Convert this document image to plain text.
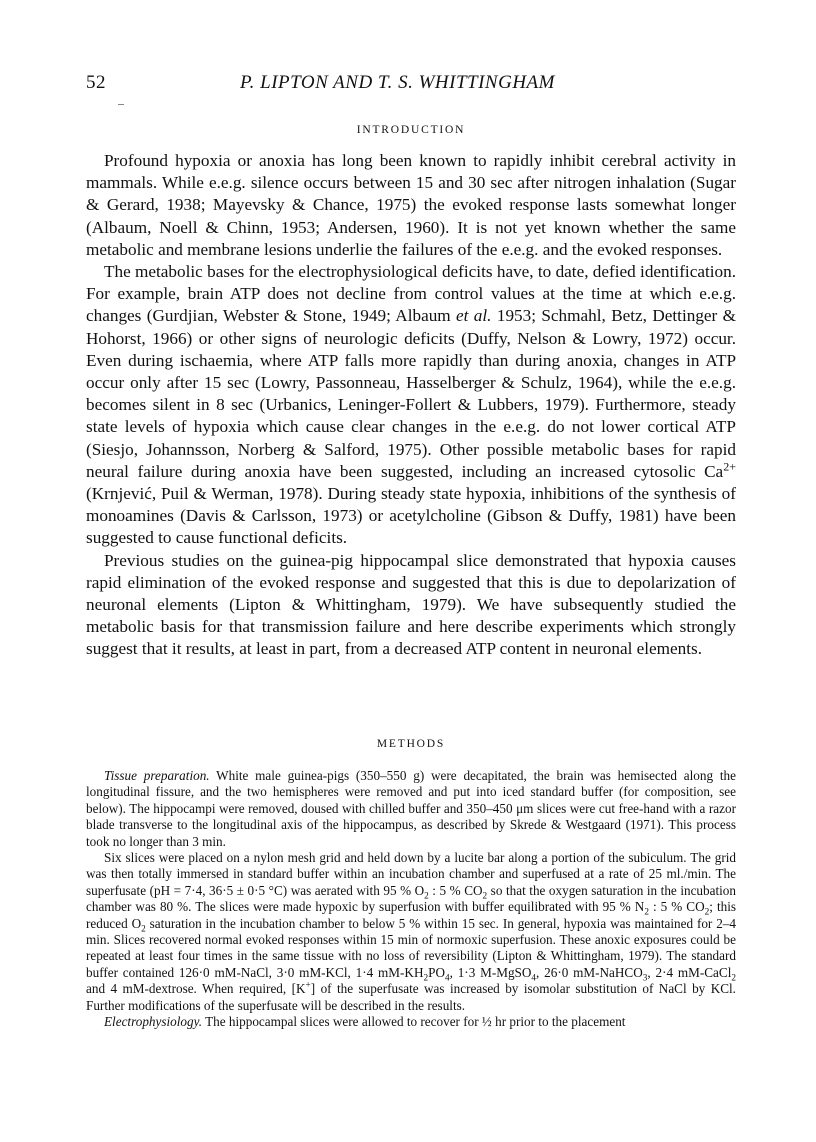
52	P. LIPTON AND T. S. WHITTINGHAM
INTRODUCTION

Profound hypoxia or anoxia has long been known to rapidly inhibit cerebral activity in mammals. While e.e.g. silence occurs between 15 and 30 sec after nitrogen inhalation (Sugar & Gerard, 1938; Mayevsky & Chance, 1975) the evoked response lasts somewhat longer (Albaum, Noell & Chinn, 1953; Andersen, 1960). It is not yet known whether the same metabolic and membrane lesions underlie the failures of the e.e.g. and the evoked responses.

The metabolic bases for the electrophysiological deficits have, to date, defied identification. For example, brain ATP does not decline from control values at the time at which e.e.g. changes (Gurdjian, Webster & Stone, 1949; Albaum et al. 1953; Schmahl, Betz, Dettinger & Hohorst, 1966) or other signs of neurologic deficits (Duffy, Nelson & Lowry, 1972) occur. Even during ischaemia, where ATP falls more rapidly than during anoxia, changes in ATP occur only after 15 sec (Lowry, Passonneau, Hasselberger & Schulz, 1964), while the e.e.g. becomes silent in 8 sec (Urbanics, Leninger-Follert & Lubbers, 1979). Furthermore, steady state levels of hypoxia which cause clear changes in the e.e.g. do not lower cortical ATP (Siesjo, Johannsson, Norberg & Salford, 1975). Other possible metabolic bases for rapid neural failure during anoxia have been suggested, including an increased cytosolic $Ca^{2+}$ (Krnjević, Puil & Werman, 1978). During steady state hypoxia, inhibitions of the synthesis of monoamines (Davis & Carlsson, 1973) or acetylcholine (Gibson & Duffy, 1981) have been suggested to cause functional deficits.

Previous studies on the guinea-pig hippocampal slice demonstrated that hypoxia causes rapid elimination of the evoked response and suggested that this is due to depolarization of neuronal elements (Lipton & Whittingham, 1979). We have subsequently studied the metabolic basis for that transmission failure and here describe experiments which strongly suggest that it results, at least in part, from a decreased ATP content in neuronal elements.

METHODS

Tissue preparation. White male guinea-pigs (350–550 g) were decapitated, the brain was hemisected along the longitudinal fissure, and the two hemispheres were removed and put into iced standard buffer (for composition, see below). The hippocampi were removed, doused with chilled buffer and 350–450 μm slices were cut free-hand with a razor blade transverse to the longitudinal axis of the hippocampus, as described by Skrede & Westgaard (1971). This process took no longer than 3 min.

Six slices were placed on a nylon mesh grid and held down by a lucite bar along a portion of the subiculum. The grid was then totally immersed in standard buffer within an incubation chamber and superfused at a rate of 25 ml./min. The superfusate (pH = 7·4, 36·5 ± 0·5 °C) was aerated with 95 % $O_2$ : 5 % $CO_2$ so that the oxygen saturation in the incubation chamber was 80 %. The slices were made hypoxic by superfusion with buffer equilibrated with 95 % $N_2$ : 5 % $CO_2$; this reduced $O_2$ saturation in the incubation chamber to below 5 % within 15 sec. In general, hypoxia was maintained for 2–4 min. Slices recovered normal evoked responses within 15 min of normoxic superfusion. These anoxic exposures could be repeated at least four times in the same tissue with no loss of reversibility (Lipton & Whittingham, 1979). The standard buffer contained 126·0 mM-NaCl, 3·0 mM-KCl, 1·4 $mM-KH_2PO_4$, 1·3 M-MgSO$_4$, 26·0 mM-NaHCO$_3$, 2·4 mM-CaCl$_2$ and 4 mM-dextrose. When required, [K+] of the superfusate was increased by isomolar substitution of NaCl by KCl. Further modifications of the superfusate will be described in the results.

Electrophysiology. The hippocampal slices were allowed to recover for ½ hr prior to the placement
